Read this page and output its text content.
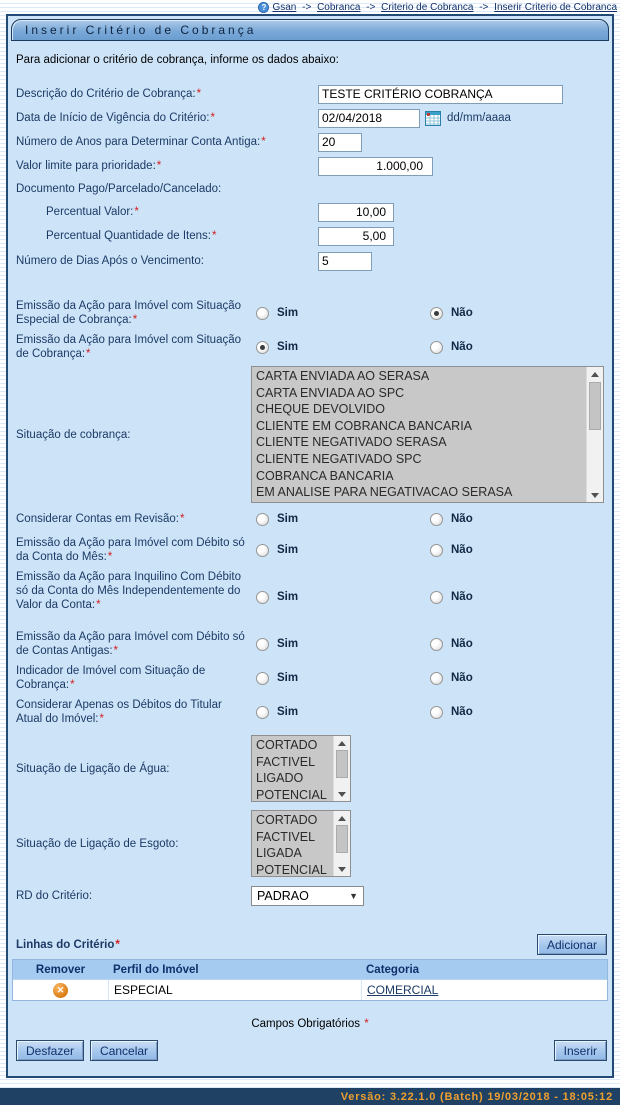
? Gsan -> Cobranca -> Criterio de Cobranca -> Inserir Criterio de Cobranca
Inserir Critério de Cobrança
Para adicionar o critério de cobrança, informe os dados abaixo:
Descrição do Critério de Cobrança:*
TESTE CRITÉRIO COBRANÇA
Data de Início de Vigência do Critério:*
02/04/2018	dd/mm/aaaa
Número de Anos para Determinar Conta Antiga:*
20
Valor limite para prioridade:*
1.000,00
Documento Pago/Parcelado/Cancelado:
Percentual Valor:*
10,00
Percentual Quantidade de Itens:*
5,00
Número de Dias Após o Vencimento:
5
Emissão da Ação para Imóvel com Situação Especial de Cobrança:*
Sim	Não
Emissão da Ação para Imóvel com Situação de Cobrança:*
Sim	Não
Situação de cobrança:
CARTA ENVIADA AO SERASA
CARTA ENVIADA AO SPC
CHEQUE DEVOLVIDO
CLIENTE EM COBRANCA BANCARIA
CLIENTE NEGATIVADO SERASA
CLIENTE NEGATIVADO SPC
COBRANCA BANCARIA
EM ANALISE PARA NEGATIVACAO SERASA
Considerar Contas em Revisão: *	Sim	Não
Emissão da Ação para Imóvel com Débito só da Conta do Mês:*
Sim	Não
Emissão da Ação para Inquilino Com Débito só da Conta do Mês Independentemente do Valor da Conta:*
Sim	Não
Emissão da Ação para Imóvel com Débito só de Contas Antigas:*
Sim	Não
Indicador de Imóvel com Situação de Cobrança:*
Sim	Não
Considerar Apenas os Débitos do Titular Atual do Imóvel:*
Sim	Não
Situação de Ligação de Água:
CORTADO
FACTIVEL
LIGADO
POTENCIAL
Situação de Ligação de Esgoto:
CORTADO
FACTIVEL
LIGADA
POTENCIAL
RD do Critério:	PADRAO	▼
Linhas do Critério*	Adicionar
Remover	Perfil do Imóvel	Categoria
✕	ESPECIAL	COMERCIAL
Campos Obrigatórios *
Desfazer	Cancelar	Inserir
Versão: 3.22.1.0 (Batch) 19/03/2018 - 18:05:12
